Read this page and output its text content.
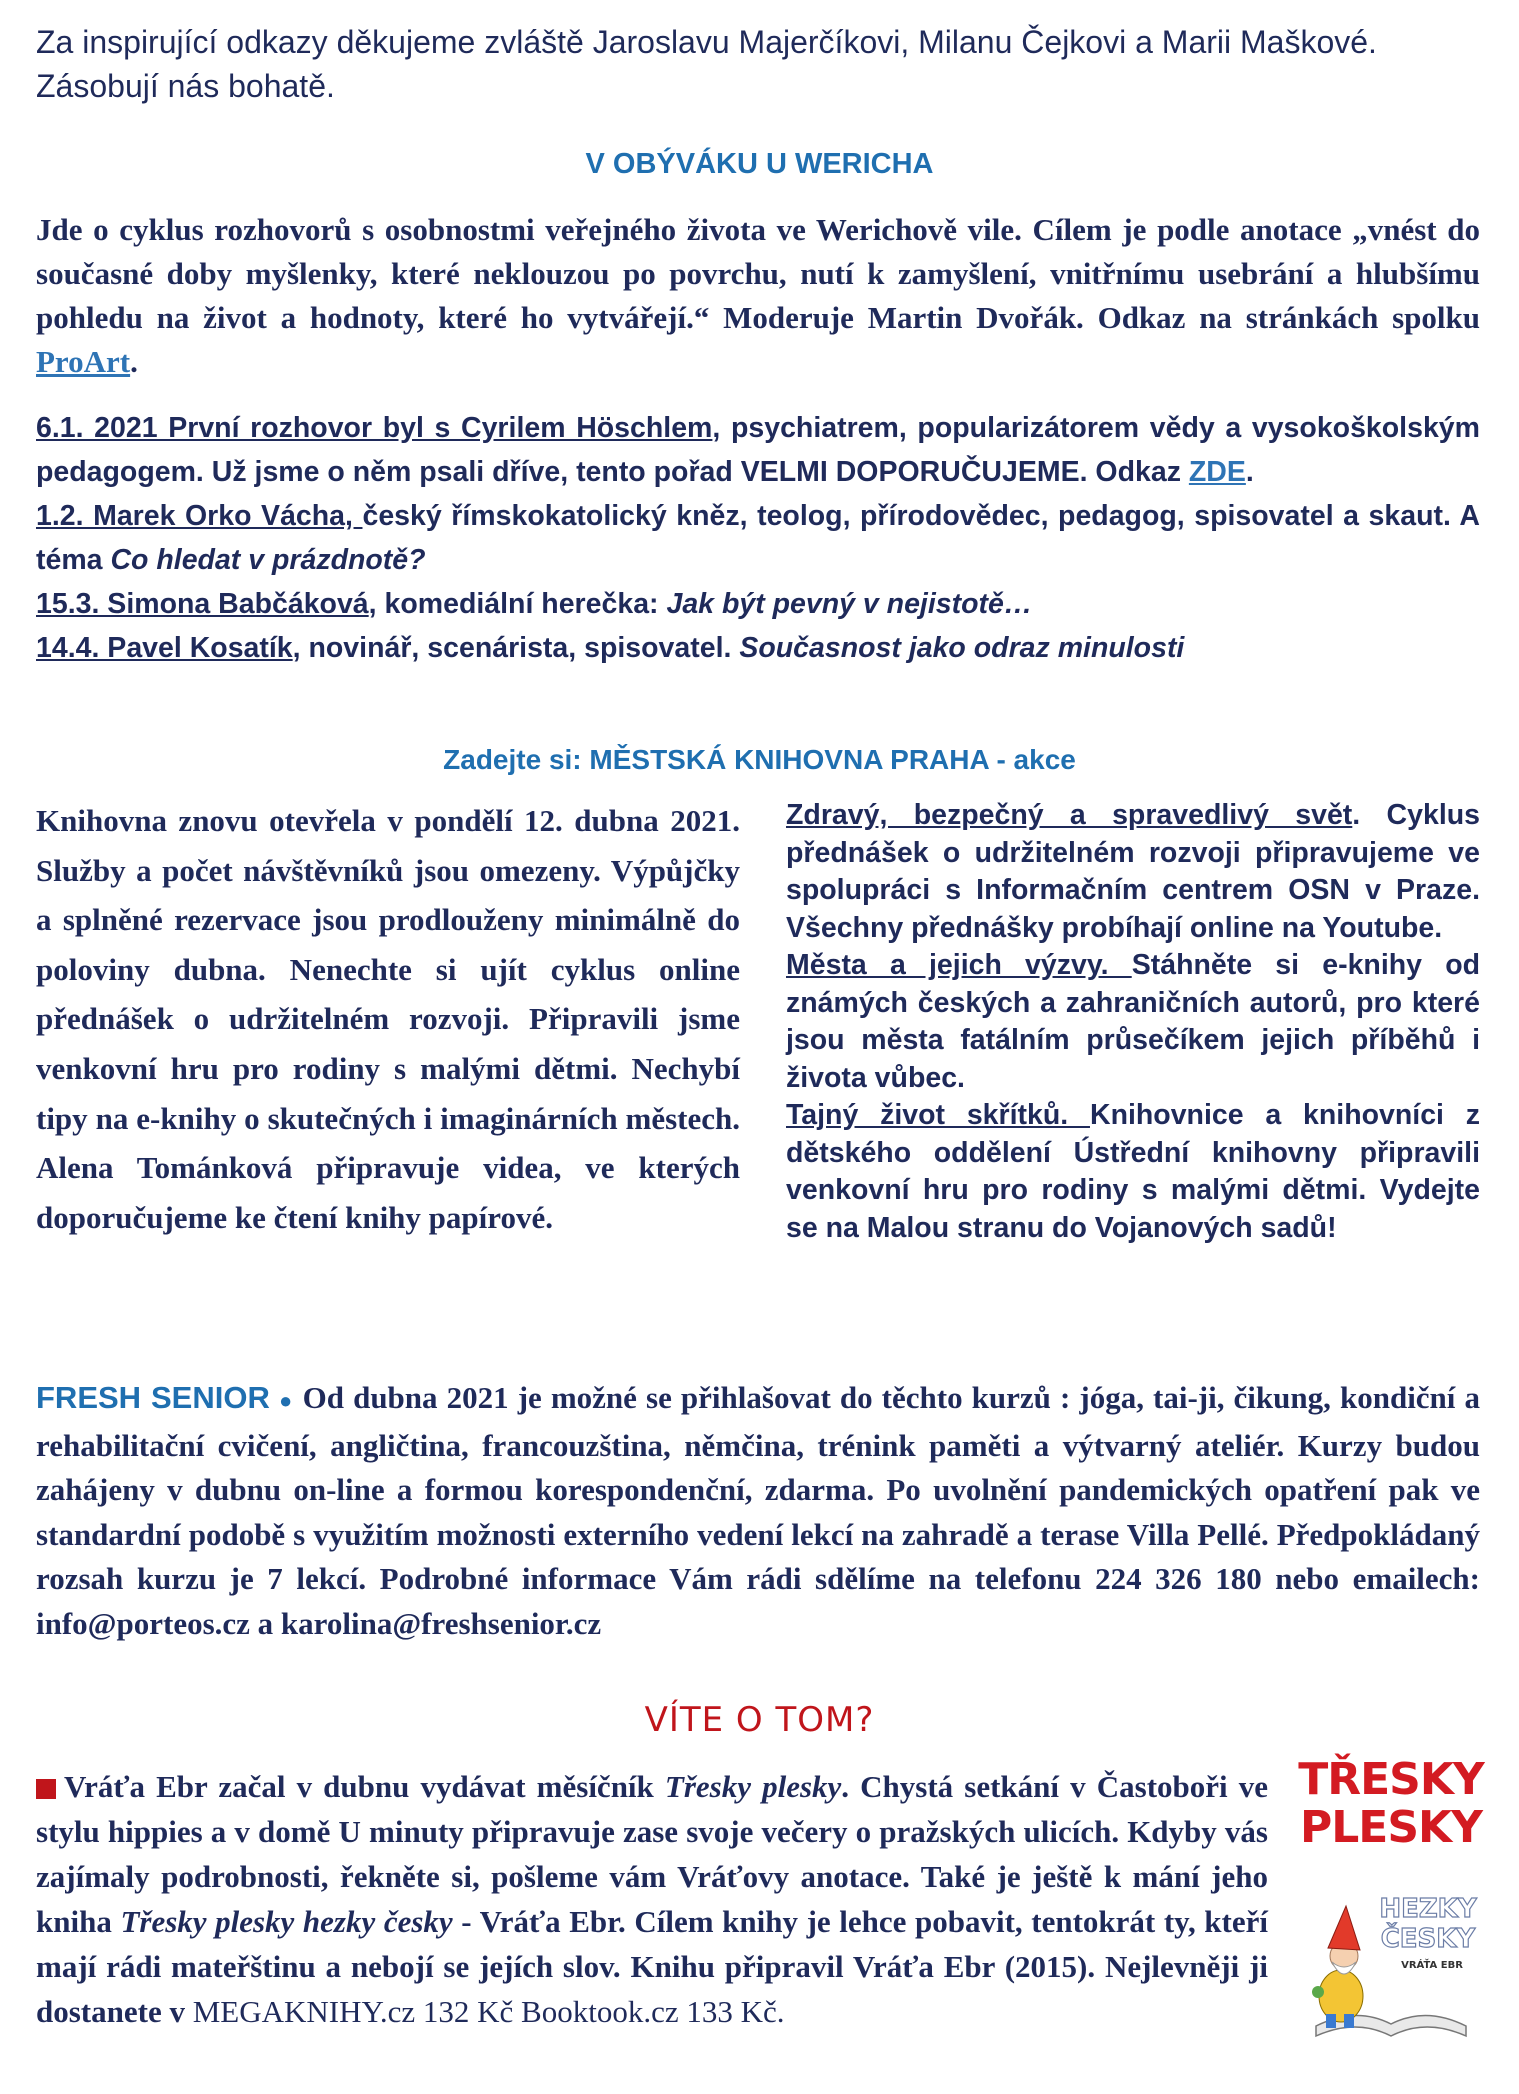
Za inspirující odkazy děkujeme zvláště Jaroslavu Majerčíkovi, Milanu Čejkovi a Marii Maškové. Zásobují nás bohatě.
V OBÝVÁKU U WERICHA
Jde o cyklus rozhovorů s osobnostmi veřejného života ve Werichově vile. Cílem je podle anotace „vnést do současné doby myšlenky, které neklouzou po povrchu, nutí k zamyšlení, vnitřnímu usebrání a hlubšímu pohledu na život a hodnoty, které ho vytvářejí.“ Moderuje Martin Dvořák. Odkaz na stránkách spolku ProArt.

6.1. 2021 První rozhovor byl s Cyrilem Höschlem, psychiatrem, popularizátorem vědy a vysokoškolským pedagogem. Už jsme o něm psali dříve, tento pořad VELMI DOPORUČUJEME. Odkaz ZDE.

1.2. Marek Orko Vácha, český římskokatolický kněz, teolog, přírodovědec, pedagog, spisovatel a skaut. A téma Co hledat v prázdnotě?

15.3. Simona Babčáková, komediální herečka: Jak být pevný v nejistotě…

14.4. Pavel Kosatík, novinář, scenárista, spisovatel. Současnost jako odraz minulosti

Zadejte si: MĚSTSKÁ KNIHOVNA PRAHA - akce
Knihovna znovu otevřela v pondělí 12. dubna 2021. Služby a počet návštěvníků jsou omezeny. Výpůjčky a splněné rezervace jsou prodlouženy minimálně do poloviny dubna. Nenechte si ujít cyklus online přednášek o udržitelném rozvoji. Připravili jsme venkovní hru pro rodiny s malými dětmi. Nechybí tipy na e-knihy o skutečných i imaginárních městech. Alena Tománková připravuje videa, ve kterých doporučujeme ke čtení knihy papírové.

Zdravý, bezpečný a spravedlivý svět. Cyklus přednášek o udržitelném rozvoji připravujeme ve spolupráci s Informačním centrem OSN v Praze. Všechny přednášky probíhají online na Youtube.

Města a jejich výzvy. Stáhněte si e-knihy od známých českých a zahraničních autorů, pro které jsou města fatálním průsečíkem jejich příběhů i života vůbec.

Tajný život skřítků. Knihovnice a knihovníci z dětského oddělení Ústřední knihovny připravili venkovní hru pro rodiny s malými dětmi. Vydejte se na Malou stranu do Vojanových sadů!

FRESH SENIOR ● Od dubna 2021 je možné se přihlašovat do těchto kurzů : jóga, tai-ji, čikung, kondiční a rehabilitační cvičení, angličtina, francouzština, němčina, trénink paměti a výtvarný ateliér. Kurzy budou zahájeny v dubnu on-line a formou korespondenční, zdarma. Po uvolnění pandemických opatření pak ve standardní podobě s využitím možnosti externího vedení lekcí na zahradě a terase Villa Pellé. Předpokládaný rozsah kurzu je 7 lekcí. Podrobné informace Vám rádi sdělíme na telefonu 224 326 180 nebo emailech: info@porteos.cz a karolina@freshsenior.cz
VÍTE O TOM?
Vráťa Ebr začal v dubnu vydávat měsíčník Třesky plesky. Chystá setkání v Častoboři ve stylu hippies a v domě U minuty připravuje zase svoje večery o pražských ulicích. Kdyby vás zajímaly podrobnosti, řekněte si, pošleme vám Vráťovy anotace. Také je ještě k mání jeho kniha Třesky plesky hezky česky - Vráťa Ebr. Cílem knihy je lehce pobavit, tentokrát ty, kteří mají rádi mateřštinu a nebojí se jejích slov. Knihu připravil Vráťa Ebr (2015). Nejlevněji ji dostanete v MEGAKNIHY.cz 132 Kč Booktook.cz 133 Kč.
TŘESKY
PLESKY
HEZKY
ČESKY
VRÁŤA EBR
